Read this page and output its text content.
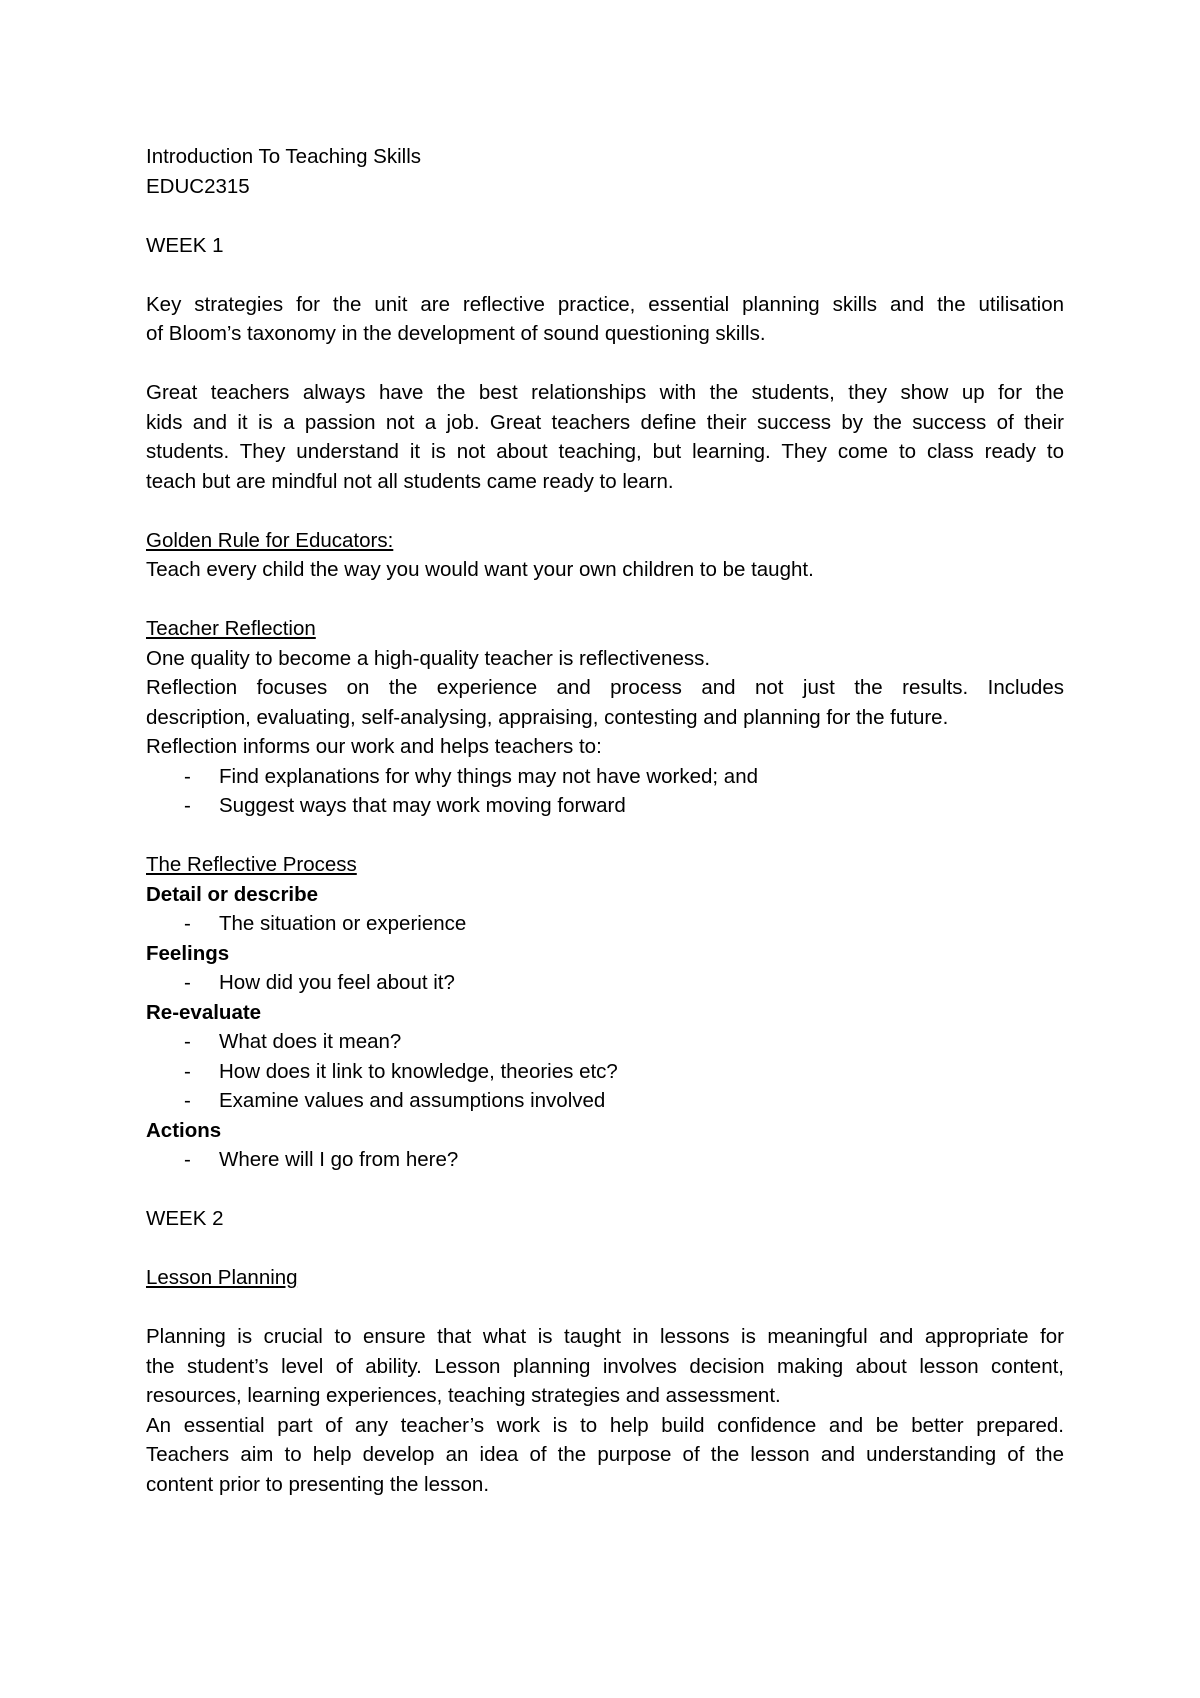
Introduction To Teaching Skills
EDUC2315
WEEK 1
Key strategies for the unit are reflective practice, essential planning skills and the utilisation
of Bloom’s taxonomy in the development of sound questioning skills.
Great teachers always have the best relationships with the students, they show up for the
kids and it is a passion not a job. Great teachers define their success by the success of their
students. They understand it is not about teaching, but learning. They come to class ready to
teach but are mindful not all students came ready to learn.
Golden Rule for Educators:
Teach every child the way you would want your own children to be taught.
Teacher Reflection
One quality to become a high-quality teacher is reflectiveness.
Reflection focuses on the experience and process and not just the results. Includes
description, evaluating, self-analysing, appraising, contesting and planning for the future.
Reflection informs our work and helps teachers to:
- Find explanations for why things may not have worked; and
- Suggest ways that may work moving forward
The Reflective Process
Detail or describe
- The situation or experience
Feelings
- How did you feel about it?
Re-evaluate
- What does it mean?
- How does it link to knowledge, theories etc?
- Examine values and assumptions involved
Actions
- Where will I go from here?
WEEK 2
Lesson Planning
Planning is crucial to ensure that what is taught in lessons is meaningful and appropriate for
the student’s level of ability. Lesson planning involves decision making about lesson content,
resources, learning experiences, teaching strategies and assessment.
An essential part of any teacher’s work is to help build confidence and be better prepared.
Teachers aim to help develop an idea of the purpose of the lesson and understanding of the
content prior to presenting the lesson.
